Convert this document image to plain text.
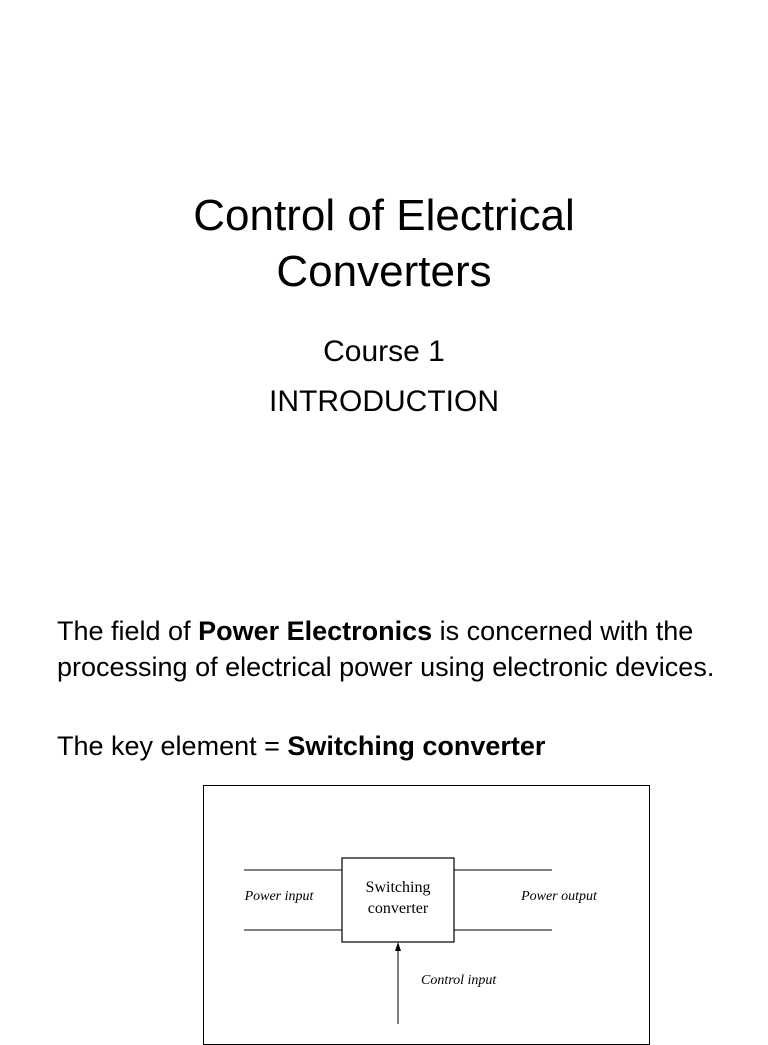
Control of Electrical
Converters
Course 1
INTRODUCTION
The field of Power Electronics is concerned with the processing of electrical power using electronic devices.
The key element = Switching converter
Switching
converter
Power input	Power output
Control input
